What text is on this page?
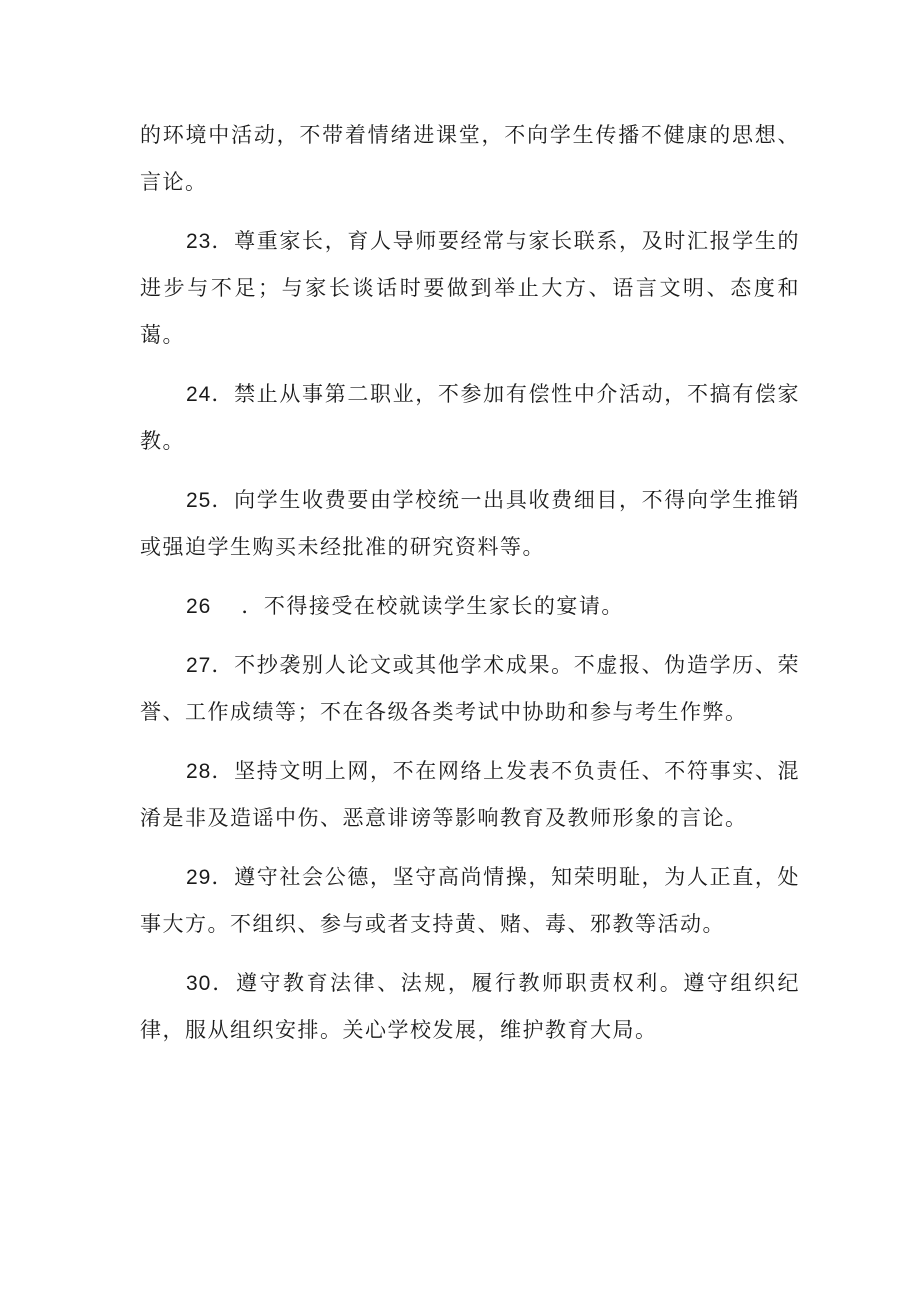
的环境中活动，不带着情绪进课堂，不向学生传播不健康的思想、言论。

23．尊重家长，育人导师要经常与家长联系，及时汇报学生的进步与不足；与家长谈话时要做到举止大方、语言文明、态度和蔼。

24．禁止从事第二职业，不参加有偿性中介活动，不搞有偿家教。

25．向学生收费要由学校统一出具收费细目，不得向学生推销或强迫学生购买未经批准的研究资料等。

26 ．不得接受在校就读学生家长的宴请。

27．不抄袭别人论文或其他学术成果。不虚报、伪造学历、荣誉、工作成绩等；不在各级各类考试中协助和参与考生作弊。

28．坚持文明上网，不在网络上发表不负责任、不符事实、混淆是非及造谣中伤、恶意诽谤等影响教育及教师形象的言论。

29．遵守社会公德，坚守高尚情操，知荣明耻，为人正直，处事大方。不组织、参与或者支持黄、赌、毒、邪教等活动。

30．遵守教育法律、法规，履行教师职责权利。遵守组织纪律，服从组织安排。关心学校发展，维护教育大局。
